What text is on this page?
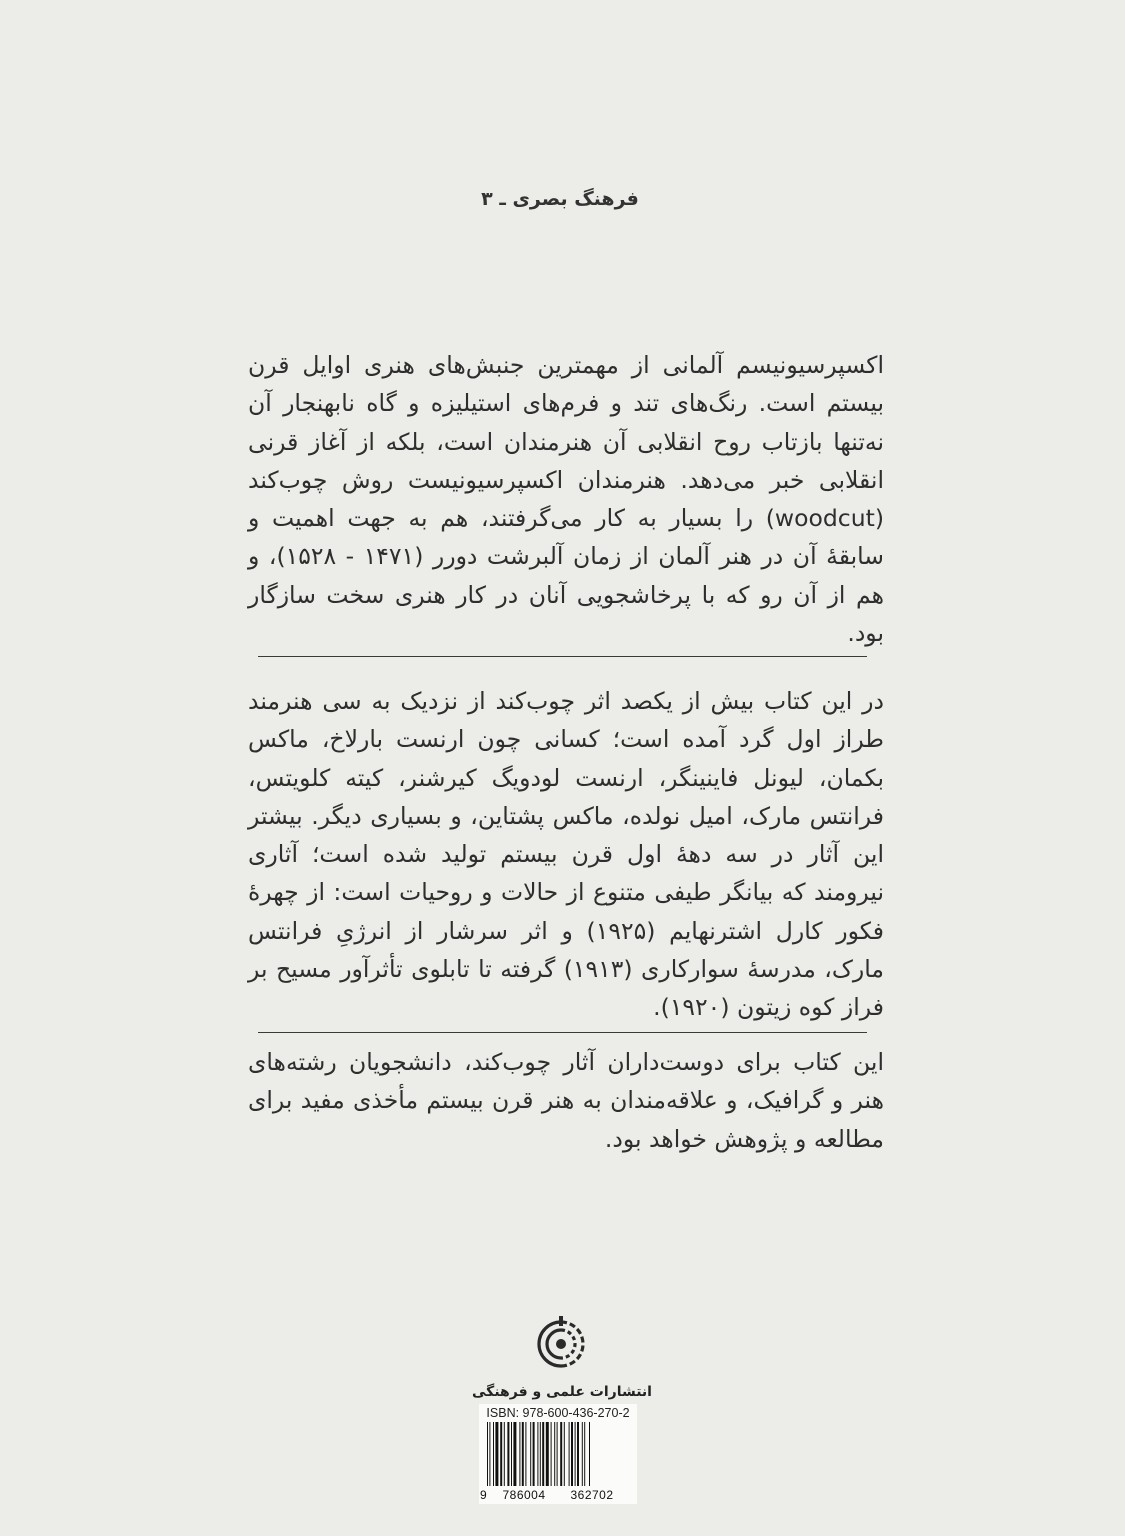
فرهنگ بصری ـ ۳

اکسپرسیونیسم آلمانی از مهمترین جنبش‌های هنری اوایل قرن بیستم است. رنگ‌های تند و فرم‌های استیلیزه و گاه نابهنجار آن نه‌تنها بازتاب روح انقلابی آن هنرمندان است، بلکه از آغاز قرنی انقلابی خبر می‌دهد. هنرمندان اکسپرسیونیست روش چوب‌کند (woodcut) را بسیار به کار می‌گرفتند، هم به جهت اهمیت و سابقهٔ آن در هنر آلمان از زمان آلبرشت دورر (۱۴۷۱ - ۱۵۲۸)، و هم از آن رو که با پرخاشجویی آنان در کار هنری سخت سازگار بود.

در این کتاب بیش از یکصد اثر چوب‌کند از نزدیک به سی هنرمند طراز اول گرد آمده است؛ کسانی چون ارنست بارلاخ، ماکس بکمان، لیونل فاینینگر، ارنست لودویگ کیرشنر، کیته کلویتس، فرانتس مارک، امیل نولده، ماکس پشتاین، و بسیاری دیگر. بیشتر این آثار در سه دههٔ اول قرن بیستم تولید شده است؛ آثاری نیرومند که بیانگر طیفی متنوع از حالات و روحیات است: از چهرهٔ فکور کارل اشترنهایم (۱۹۲۵) و اثر سرشار از انرژیِ فرانتس مارک، مدرسهٔ سوارکاری (۱۹۱۳) گرفته تا تابلوی تأثرآور مسیح بر فراز کوه زیتون (۱۹۲۰).

این کتاب برای دوست‌داران آثار چوب‌کند، دانشجویان رشته‌های هنر و گرافیک، و علاقه‌مندان به هنر قرن بیستم مأخذی مفید برای مطالعه و پژوهش خواهد بود.

انتشارات علمی و فرهنگی
ISBN: 978-600-436-270-2
9	786004	362702
